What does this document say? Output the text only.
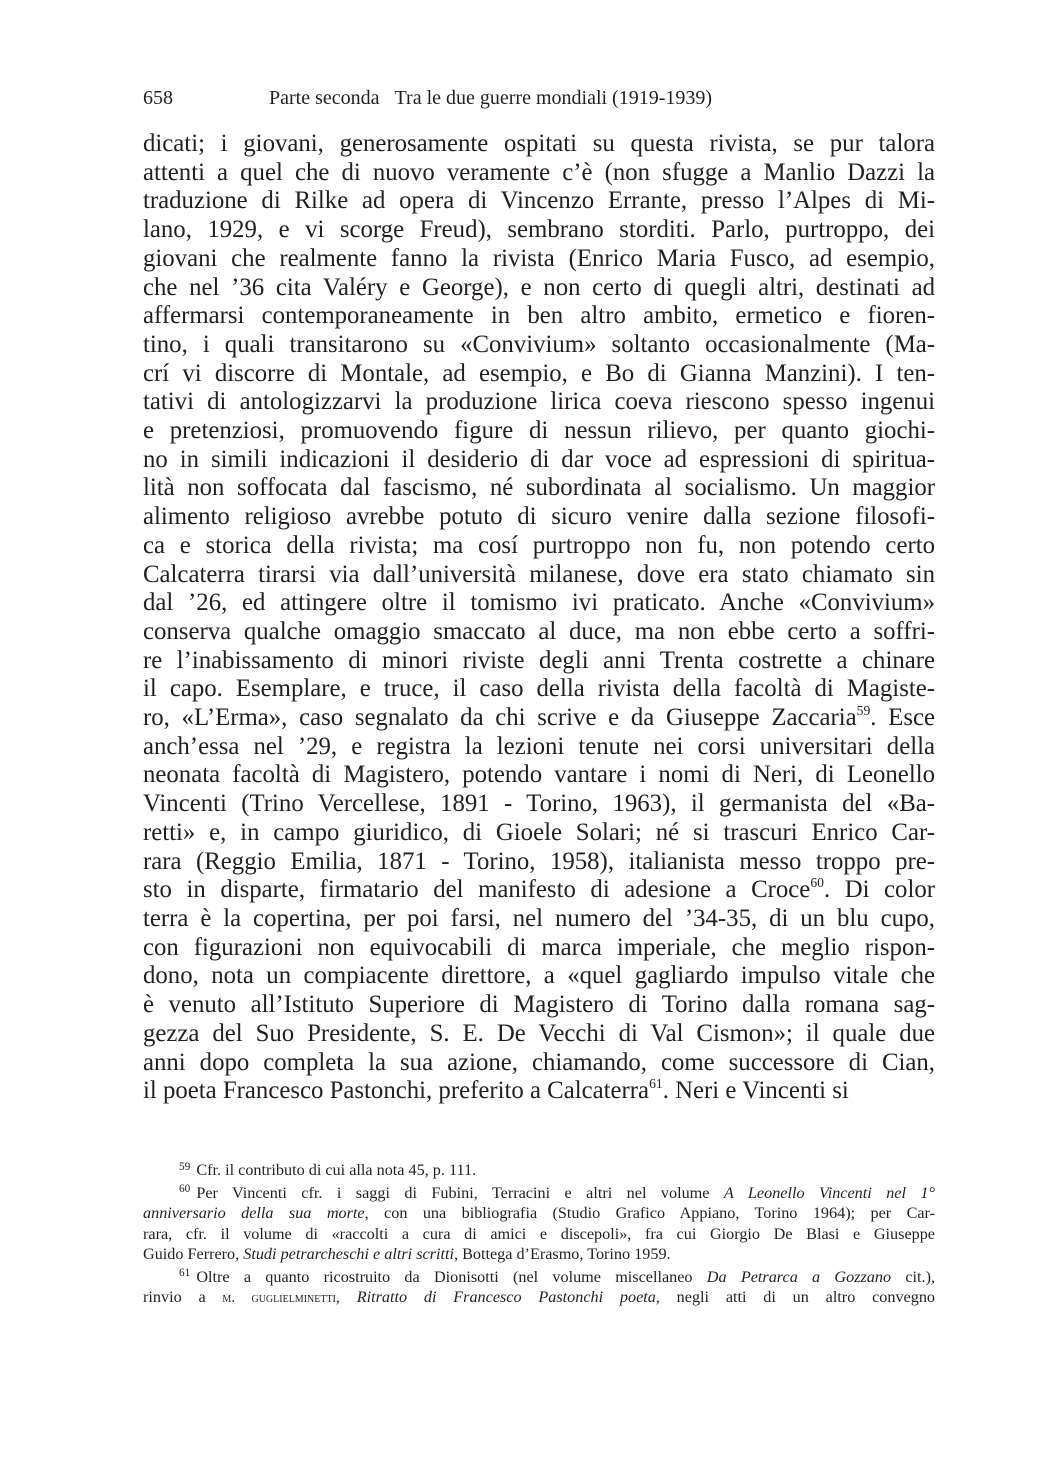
658	Parte seconda Tra le due guerre mondiali (1919-1939)
dicati; i giovani, generosamente ospitati su questa rivista, se pur talora
attenti a quel che di nuovo veramente c’è (non sfugge a Manlio Dazzi la
traduzione di Rilke ad opera di Vincenzo Errante, presso l’Alpes di Mi-
lano, 1929, e vi scorge Freud), sembrano storditi. Parlo, purtroppo, dei
giovani che realmente fanno la rivista (Enrico Maria Fusco, ad esempio,
che nel ’36 cita Valéry e George), e non certo di quegli altri, destinati ad
affermarsi contemporaneamente in ben altro ambito, ermetico e fioren-
tino, i quali transitarono su «Convivium» soltanto occasionalmente (Ma-
crí vi discorre di Montale, ad esempio, e Bo di Gianna Manzini). I ten-
tativi di antologizzarvi la produzione lirica coeva riescono spesso ingenui
e pretenziosi, promuovendo figure di nessun rilievo, per quanto giochi-
no in simili indicazioni il desiderio di dar voce ad espressioni di spiritua-
lità non soffocata dal fascismo, né subordinata al socialismo. Un maggior
alimento religioso avrebbe potuto di sicuro venire dalla sezione filosofi-
ca e storica della rivista; ma cosí purtroppo non fu, non potendo certo
Calcaterra tirarsi via dall’università milanese, dove era stato chiamato sin
dal ’26, ed attingere oltre il tomismo ivi praticato. Anche «Convivium»
conserva qualche omaggio smaccato al duce, ma non ebbe certo a soffri-
re l’inabissamento di minori riviste degli anni Trenta costrette a chinare
il capo. Esemplare, e truce, il caso della rivista della facoltà di Magiste-
ro, «L’Erma», caso segnalato da chi scrive e da Giuseppe Zaccaria$^{59}$. Esce
anch’essa nel ’29, e registra la lezioni tenute nei corsi universitari della
neonata facoltà di Magistero, potendo vantare i nomi di Neri, di Leonello
Vincenti (Trino Vercellese, 1891 - Torino, 1963), il germanista del «Ba-
retti» e, in campo giuridico, di Gioele Solari; né si trascuri Enrico Car-
rara (Reggio Emilia, 1871 - Torino, 1958), italianista messo troppo pre-
sto in disparte, firmatario del manifesto di adesione a Croce$^{60}$. Di color
terra è la copertina, per poi farsi, nel numero del ’34-35, di un blu cupo,
con figurazioni non equivocabili di marca imperiale, che meglio rispon-
dono, nota un compiacente direttore, a «quel gagliardo impulso vitale che
è venuto all’Istituto Superiore di Magistero di Torino dalla romana sag-
gezza del Suo Presidente, S. E. De Vecchi di Val Cismon»; il quale due
anni dopo completa la sua azione, chiamando, come successore di Cian,
il poeta Francesco Pastonchi, preferito a Calcaterra$^{61}$. Neri e Vincenti si
$^{59}$ Cfr. il contributo di cui alla nota 45, p. 111.
$^{60}$ Per Vincenti cfr. i saggi di Fubini, Terracini e altri nel volume A Leonello Vincenti nel 1°
anniversario della sua morte, con una bibliografia (Studio Grafico Appiano, Torino 1964); per Car-
rara, cfr. il volume di «raccolti a cura di amici e discepoli», fra cui Giorgio De Blasi e Giuseppe
Guido Ferrero, Studi petrarcheschi e altri scritti, Bottega d’Erasmo, Torino 1959.
$^{61}$ Oltre a quanto ricostruito da Dionisotti (nel volume miscellaneo Da Petrarca a Gozzano cit.),
rinvio a m. guglielminetti, Ritratto di Francesco Pastonchi poeta, negli atti di un altro convegno
